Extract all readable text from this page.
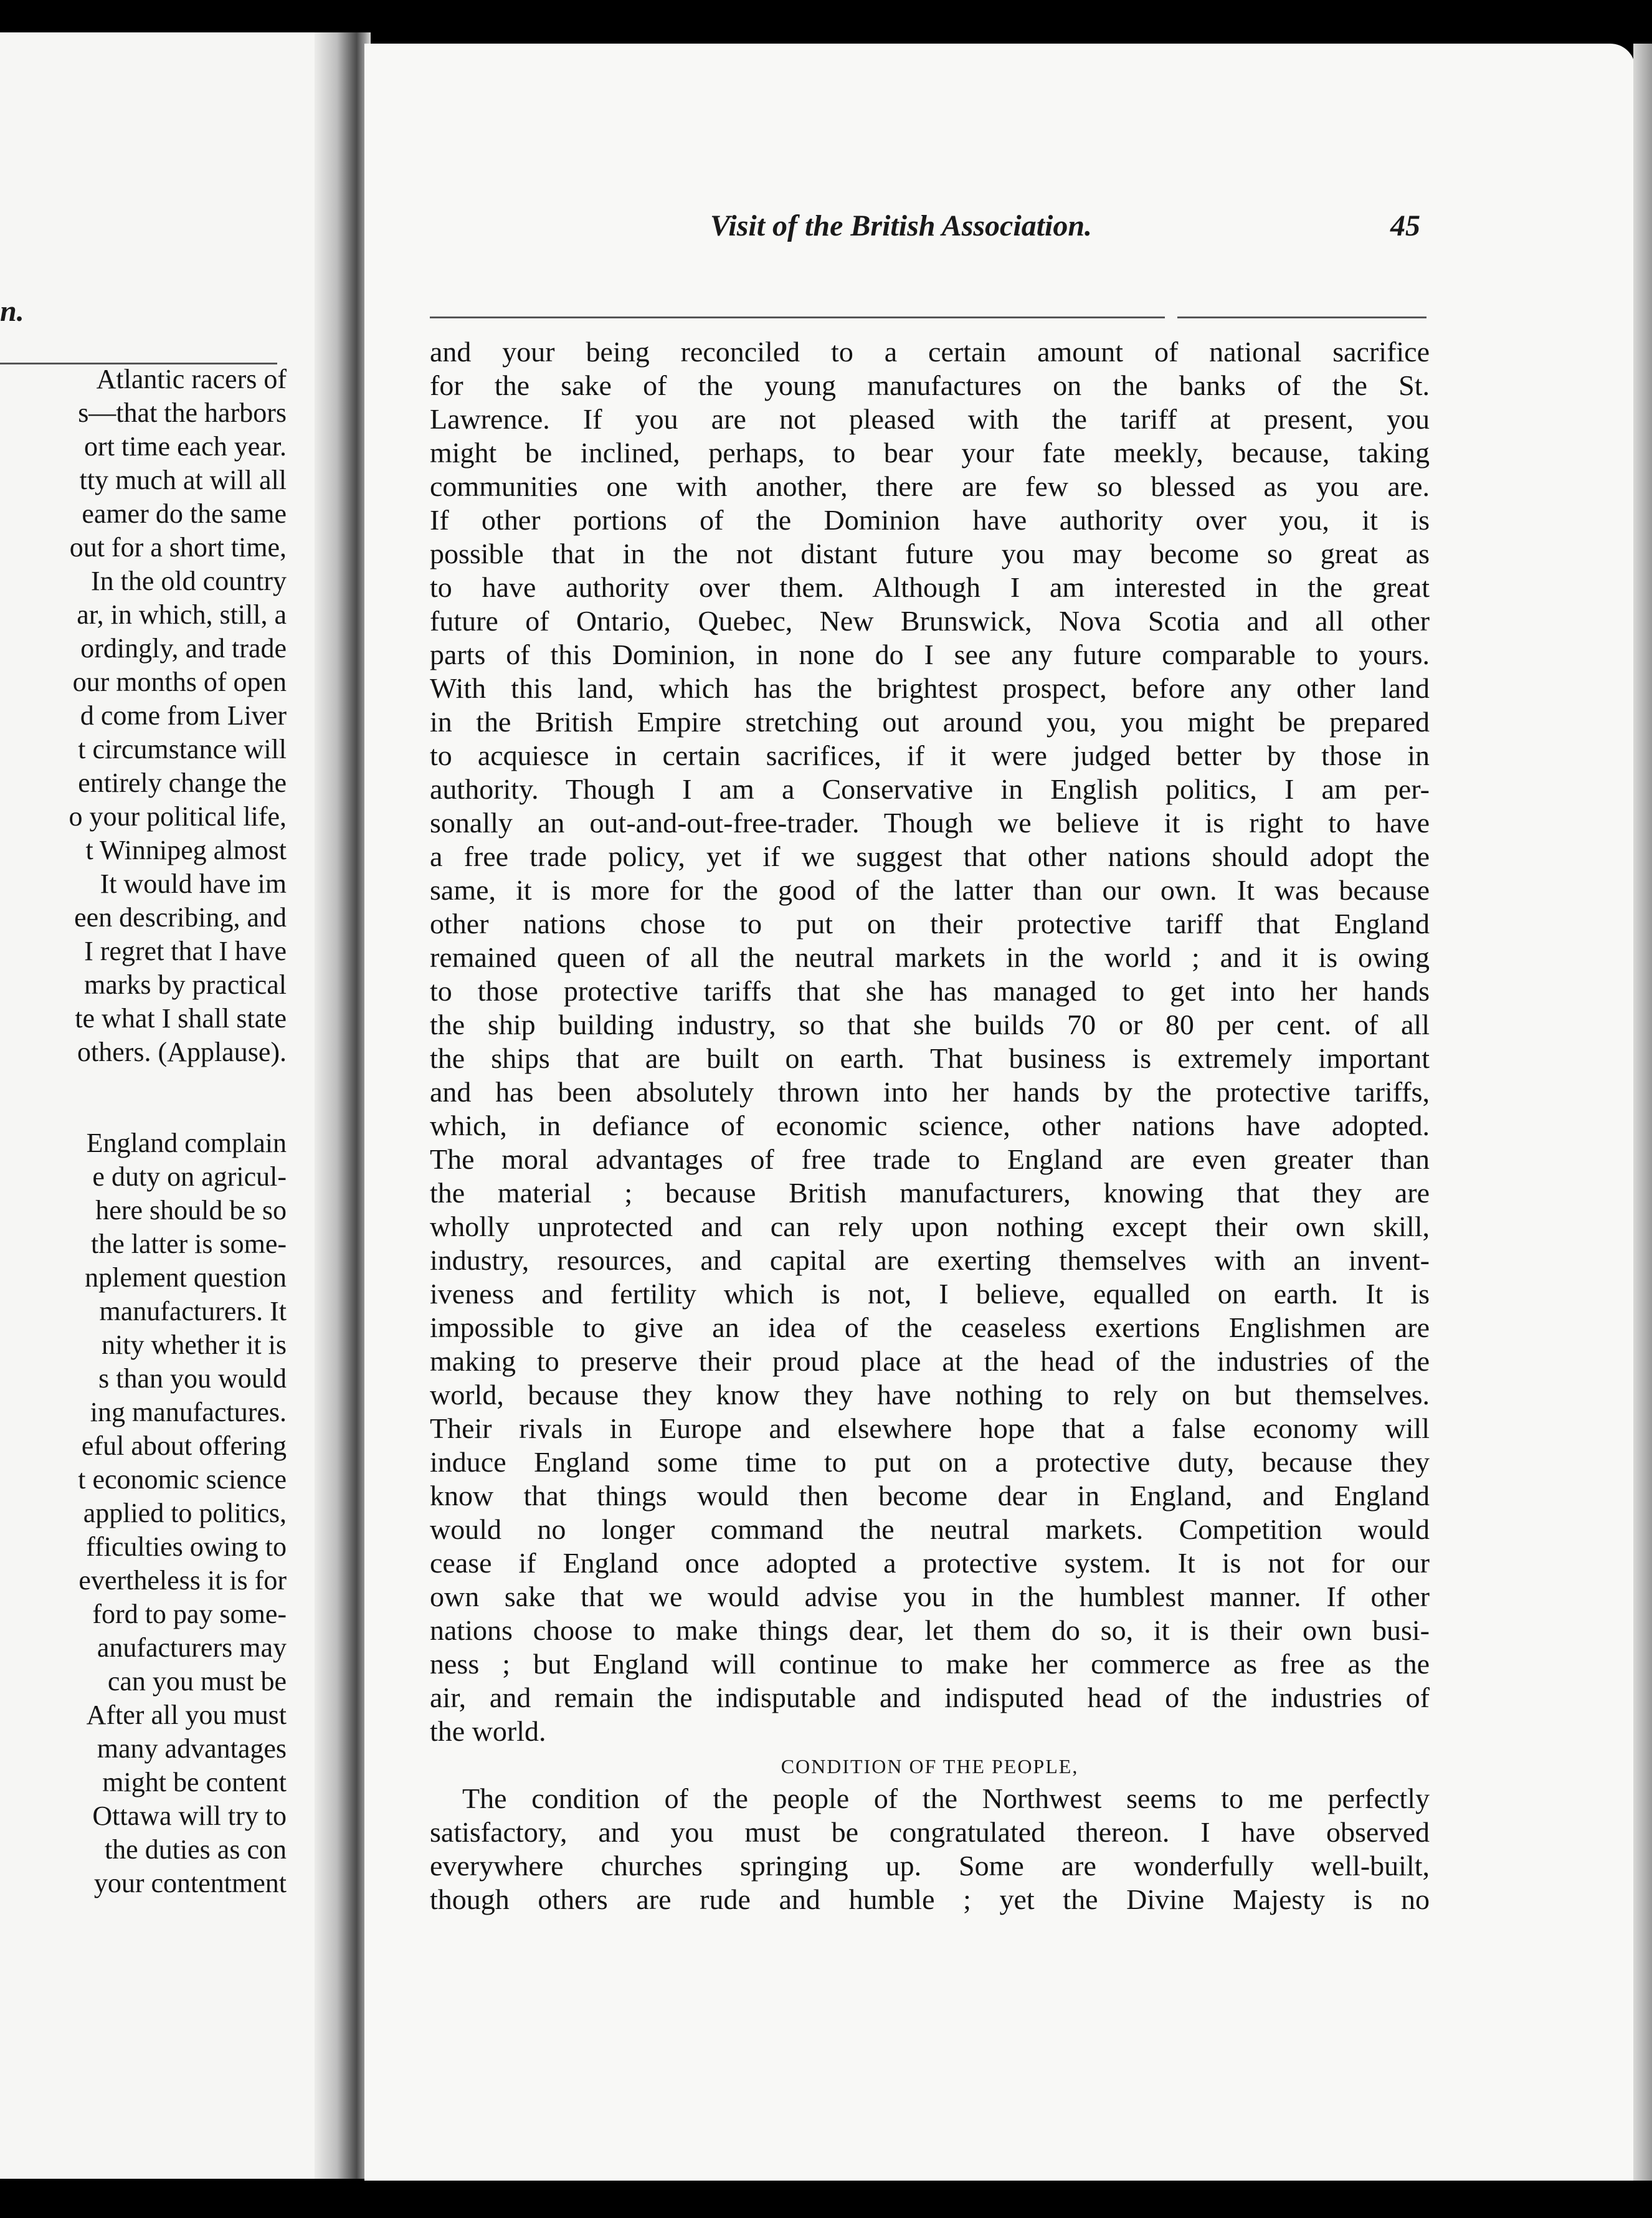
n.
Atlantic racers of
s—that the harbors
ort time each year.
tty much at will all
eamer do the same
out for a short time,
In the old country
ar, in which, still, a
ordingly, and trade
our months of open
d come from Liver
t circumstance will
entirely change the
o your political life,
t Winnipeg almost
It would have im
een describing, and
I regret that I have
marks by practical
te what I shall state
others. (Applause).
England complain
e duty on agricul-
here should be so
the latter is some-
nplement question
manufacturers. It
nity whether it is
s than you would
ing manufactures.
eful about offering
t economic science
applied to politics,
fficulties owing to
evertheless it is for
ford to pay some-
anufacturers may
can you must be
After all you must
many advantages
might be content
Ottawa will try to
the duties as con
your contentment
Visit of the British Association.	45
and your being reconciled to a certain amount of national sacrifice
for the sake of the young manufactures on the banks of the St.
Lawrence. If you are not pleased with the tariff at present, you
might be inclined, perhaps, to bear your fate meekly, because, taking
communities one with another, there are few so blessed as you are.
If other portions of the Dominion have authority over you, it is
possible that in the not distant future you may become so great as
to have authority over them. Although I am interested in the great
future of Ontario, Quebec, New Brunswick, Nova Scotia and all other
parts of this Dominion, in none do I see any future comparable to yours.
With this land, which has the brightest prospect, before any other land
in the British Empire stretching out around you, you might be prepared
to acquiesce in certain sacrifices, if it were judged better by those in
authority. Though I am a Conservative in English politics, I am per-
sonally an out-and-out-free-trader. Though we believe it is right to have
a free trade policy, yet if we suggest that other nations should adopt the
same, it is more for the good of the latter than our own. It was because
other nations chose to put on their protective tariff that England
remained queen of all the neutral markets in the world ; and it is owing
to those protective tariffs that she has managed to get into her hands
the ship building industry, so that she builds 70 or 80 per cent. of all
the ships that are built on earth. That business is extremely important
and has been absolutely thrown into her hands by the protective tariffs,
which, in defiance of economic science, other nations have adopted.
The moral advantages of free trade to England are even greater than
the material ; because British manufacturers, knowing that they are
wholly unprotected and can rely upon nothing except their own skill,
industry, resources, and capital are exerting themselves with an invent-
iveness and fertility which is not, I believe, equalled on earth. It is
impossible to give an idea of the ceaseless exertions Englishmen are
making to preserve their proud place at the head of the industries of the
world, because they know they have nothing to rely on but themselves.
Their rivals in Europe and elsewhere hope that a false economy will
induce England some time to put on a protective duty, because they
know that things would then become dear in England, and England
would no longer command the neutral markets. Competition would
cease if England once adopted a protective system. It is not for our
own sake that we would advise you in the humblest manner. If other
nations choose to make things dear, let them do so, it is their own busi-
ness ; but England will continue to make her commerce as free as the
air, and remain the indisputable and indisputed head of the industries of
the world.
CONDITION OF THE PEOPLE,
The condition of the people of the Northwest seems to me perfectly
satisfactory, and you must be congratulated thereon. I have observed
everywhere churches springing up. Some are wonderfully well-built,
though others are rude and humble ; yet the Divine Majesty is no
